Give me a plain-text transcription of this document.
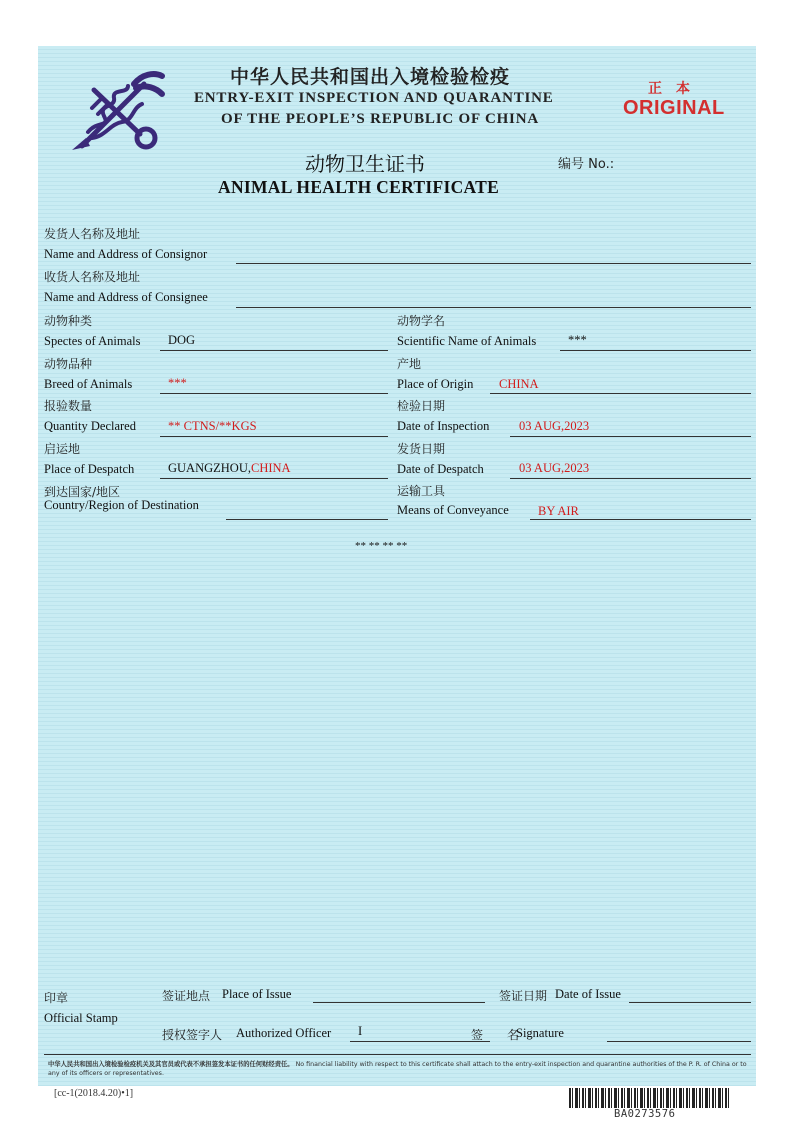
中华人民共和国出入境检验检疫
ENTRY-EXIT INSPECTION AND QUARANTINE
OF THE PEOPLE’S REPUBLIC OF CHINA
正本
ORIGINAL
动物卫生证书	编号 No.:
ANIMAL HEALTH CERTIFICATE
发货人名称及地址
Name and Address of Consignor
收货人名称及地址
Name and Address of Consignee
动物种类
Spectes of Animals DOG
动物学名
Scientific Name of Animals	***
动物品种
Breed of Animals	***
产地
Place of Origin CHINA
报验数量
Quantity Declared	** CTNS/**KGS
检验日期
Date of Inspection 03 AUG,2023
启运地
Place of Despatch	GUANGZHOU,CHINA
发货日期
Date of Despatch	03 AUG,2023
到达国家/地区
Country/Region of Destination
运输工具
Means of Conveyance BY AIR
** ** ** **
印章
Official Stamp
签证地点 Place of Issue	签证日期 Date of Issue
授权签字人 Authorized Officer I	签　　名
Signature
中华人民共和国出入境检验检疫机关及其官员或代表不承担签发本证书的任何财经责任。 No financial liability with respect to this certificate shall attach to the entry-exit inspection and quarantine authorities of the P. R. of China or to any of its officers or representatives.
[cc-1(2018.4.20)•1]
BA0273576
